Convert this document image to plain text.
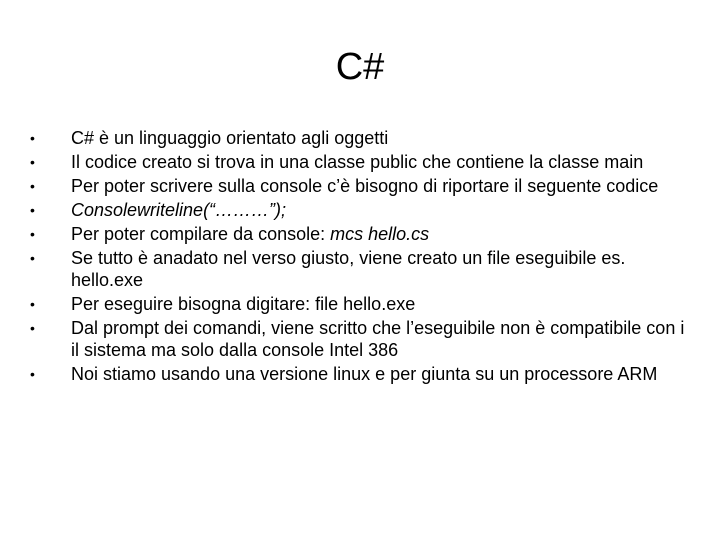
C#
• C# è un linguaggio orientato agli oggetti
• Il codice creato si trova in una classe public che contiene la classe main
• Per poter scrivere sulla console c’è bisogno di riportare il seguente codice
• Consolewriteline(“………”);
• Per poter compilare da console: mcs hello.cs
• Se tutto è anadato nel verso giusto, viene creato un file eseguibile es. hello.exe
• Per eseguire bisogna digitare: file hello.exe
• Dal prompt dei comandi, viene scritto che l’eseguibile non è compatibile con i il sistema ma solo dalla console Intel 386
• Noi stiamo usando una versione linux e per giunta su un processore ARM
